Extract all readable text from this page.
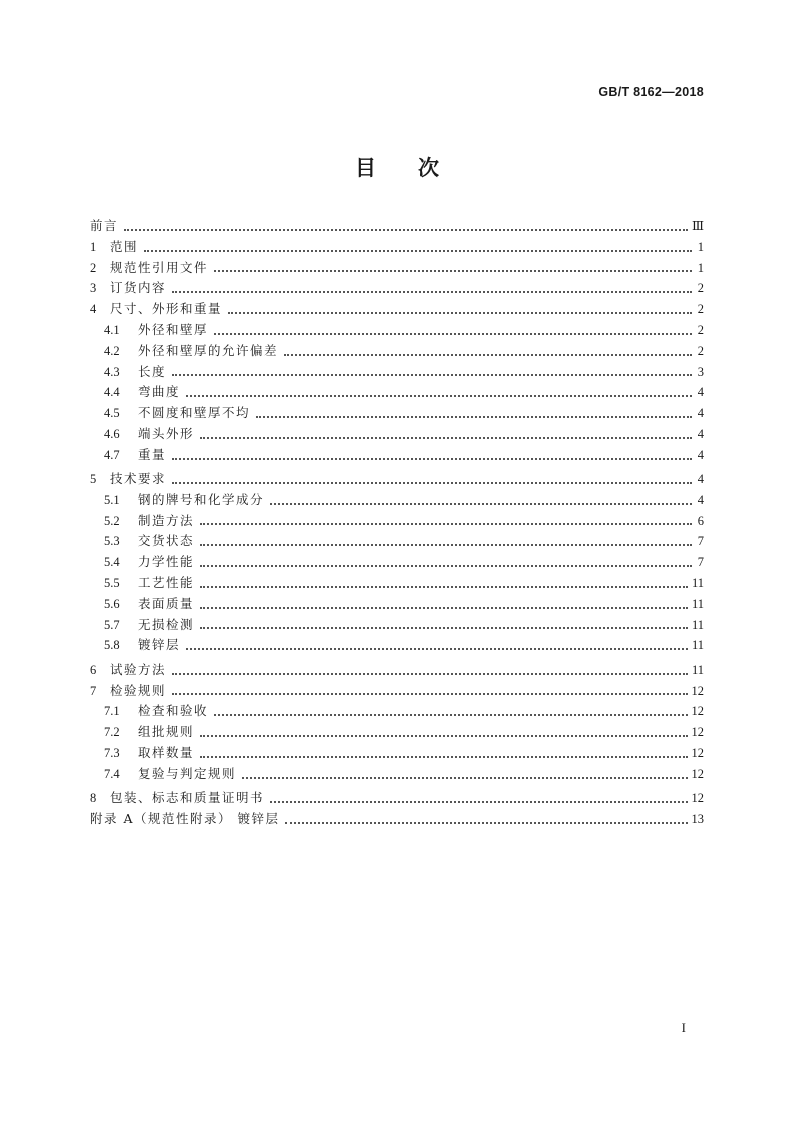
GB/T 8162—2018
目 次
前言	Ⅲ
1	范围	1
2	规范性引用文件	1
3	订货内容	2
4	尺寸、外形和重量	2
4.1	外径和壁厚	2
4.2	外径和壁厚的允许偏差	2
4.3	长度	3
4.4	弯曲度	4
4.5	不圆度和壁厚不均	4
4.6	端头外形	4
4.7	重量	4
5	技术要求	4
5.1	钢的牌号和化学成分	4
5.2	制造方法	6
5.3	交货状态	7
5.4	力学性能	7
5.5	工艺性能	11
5.6	表面质量	11
5.7	无损检测	11
5.8	镀锌层	11
6	试验方法	11
7	检验规则	12
7.1	检查和验收	12
7.2	组批规则	12
7.3	取样数量	12
7.4	复验与判定规则	12
8	包装、标志和质量证明书	12
附录 A（规范性附录） 镀锌层	13
I
